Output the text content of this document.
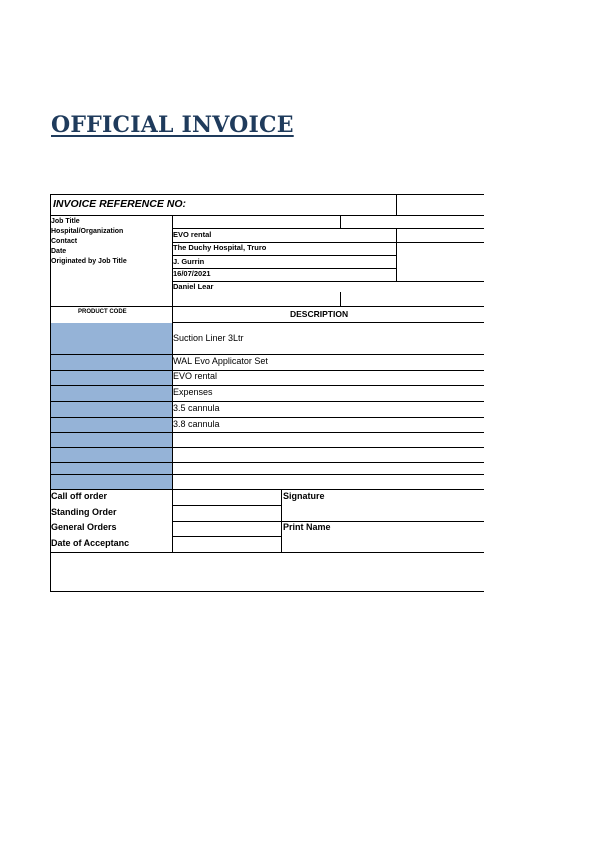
OFFICIAL INVOICE
INVOICE REFERENCE NO:
Job Title
Hospital/Organization
Contact
Date
Originated by Job Title
EVO rental
The Duchy Hospital, Truro
J. Gurrin
16/07/2021
Daniel Lear
PRODUCT CODE	DESCRIPTION
Suction Liner 3Ltr
WAL Evo Applicator Set
EVO rental
Expenses
3.5 cannula
3.8 cannula
Call off order
Standing Order
General Orders
Date of Acceptanc
Signature
Print Name
